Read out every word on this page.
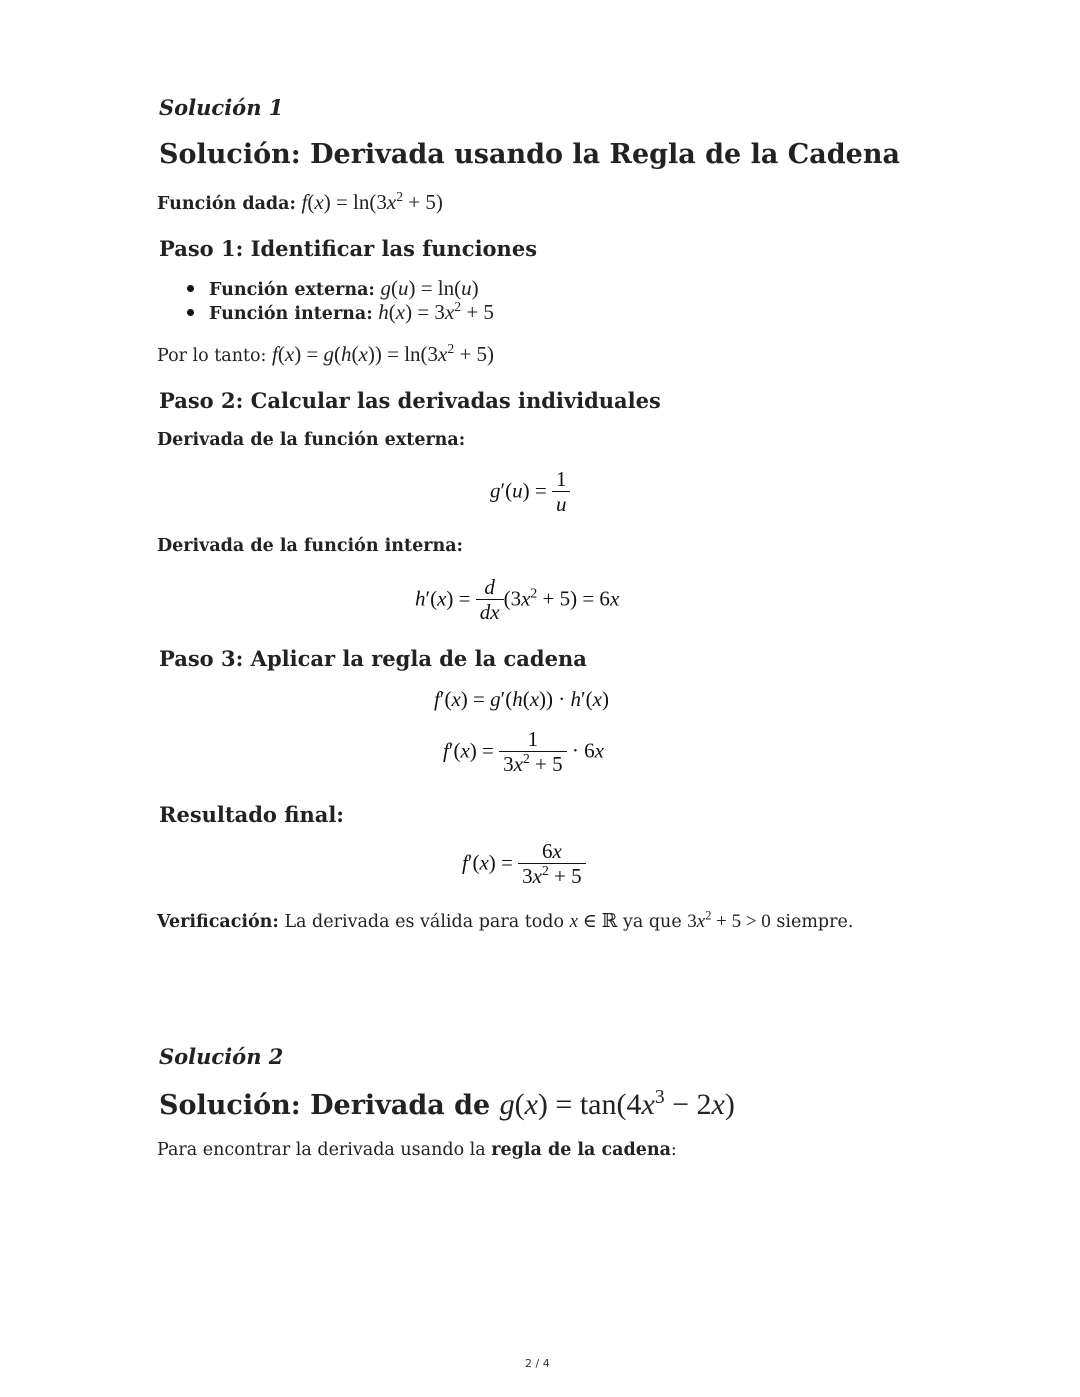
Solución 1
Solución: Derivada usando la Regla de la Cadena
Función dada: $f(x) = \ln(3x^2 + 5)$
Paso 1: Identificar las funciones
Función externa: g(u) = ln(u)
Función interna: $h(x) = 3x^2 + 5$
Por lo tanto: $f(x) = g(h(x)) = \ln(3x^2 + 5)$
Paso 2: Calcular las derivadas individuales
Derivada de la función externa:
$g'(u) = \frac{1}{u}$
Derivada de la función interna:
$h'(x) = \frac{d}{dx} (3x^2 + 5) = 6x$
Paso 3: Aplicar la regla de la cadena
f′(x) = g′(h(x)) · h′(x)
$f'(x) = \frac{1}{3x^2 + 5} \cdot 6x$
Resultado final:
$f'(x) = \frac{6x}{3x^2 + 5}$
Verificación: La derivada es válida para todo x ∈ ℝ ya que $3x^2 + 5 > 0$ siempre.
Solución 2
Solución: Derivada de $g(x) = \tan(4x^3 - 2x)$
Para encontrar la derivada usando la regla de la cadena:
2 / 4
